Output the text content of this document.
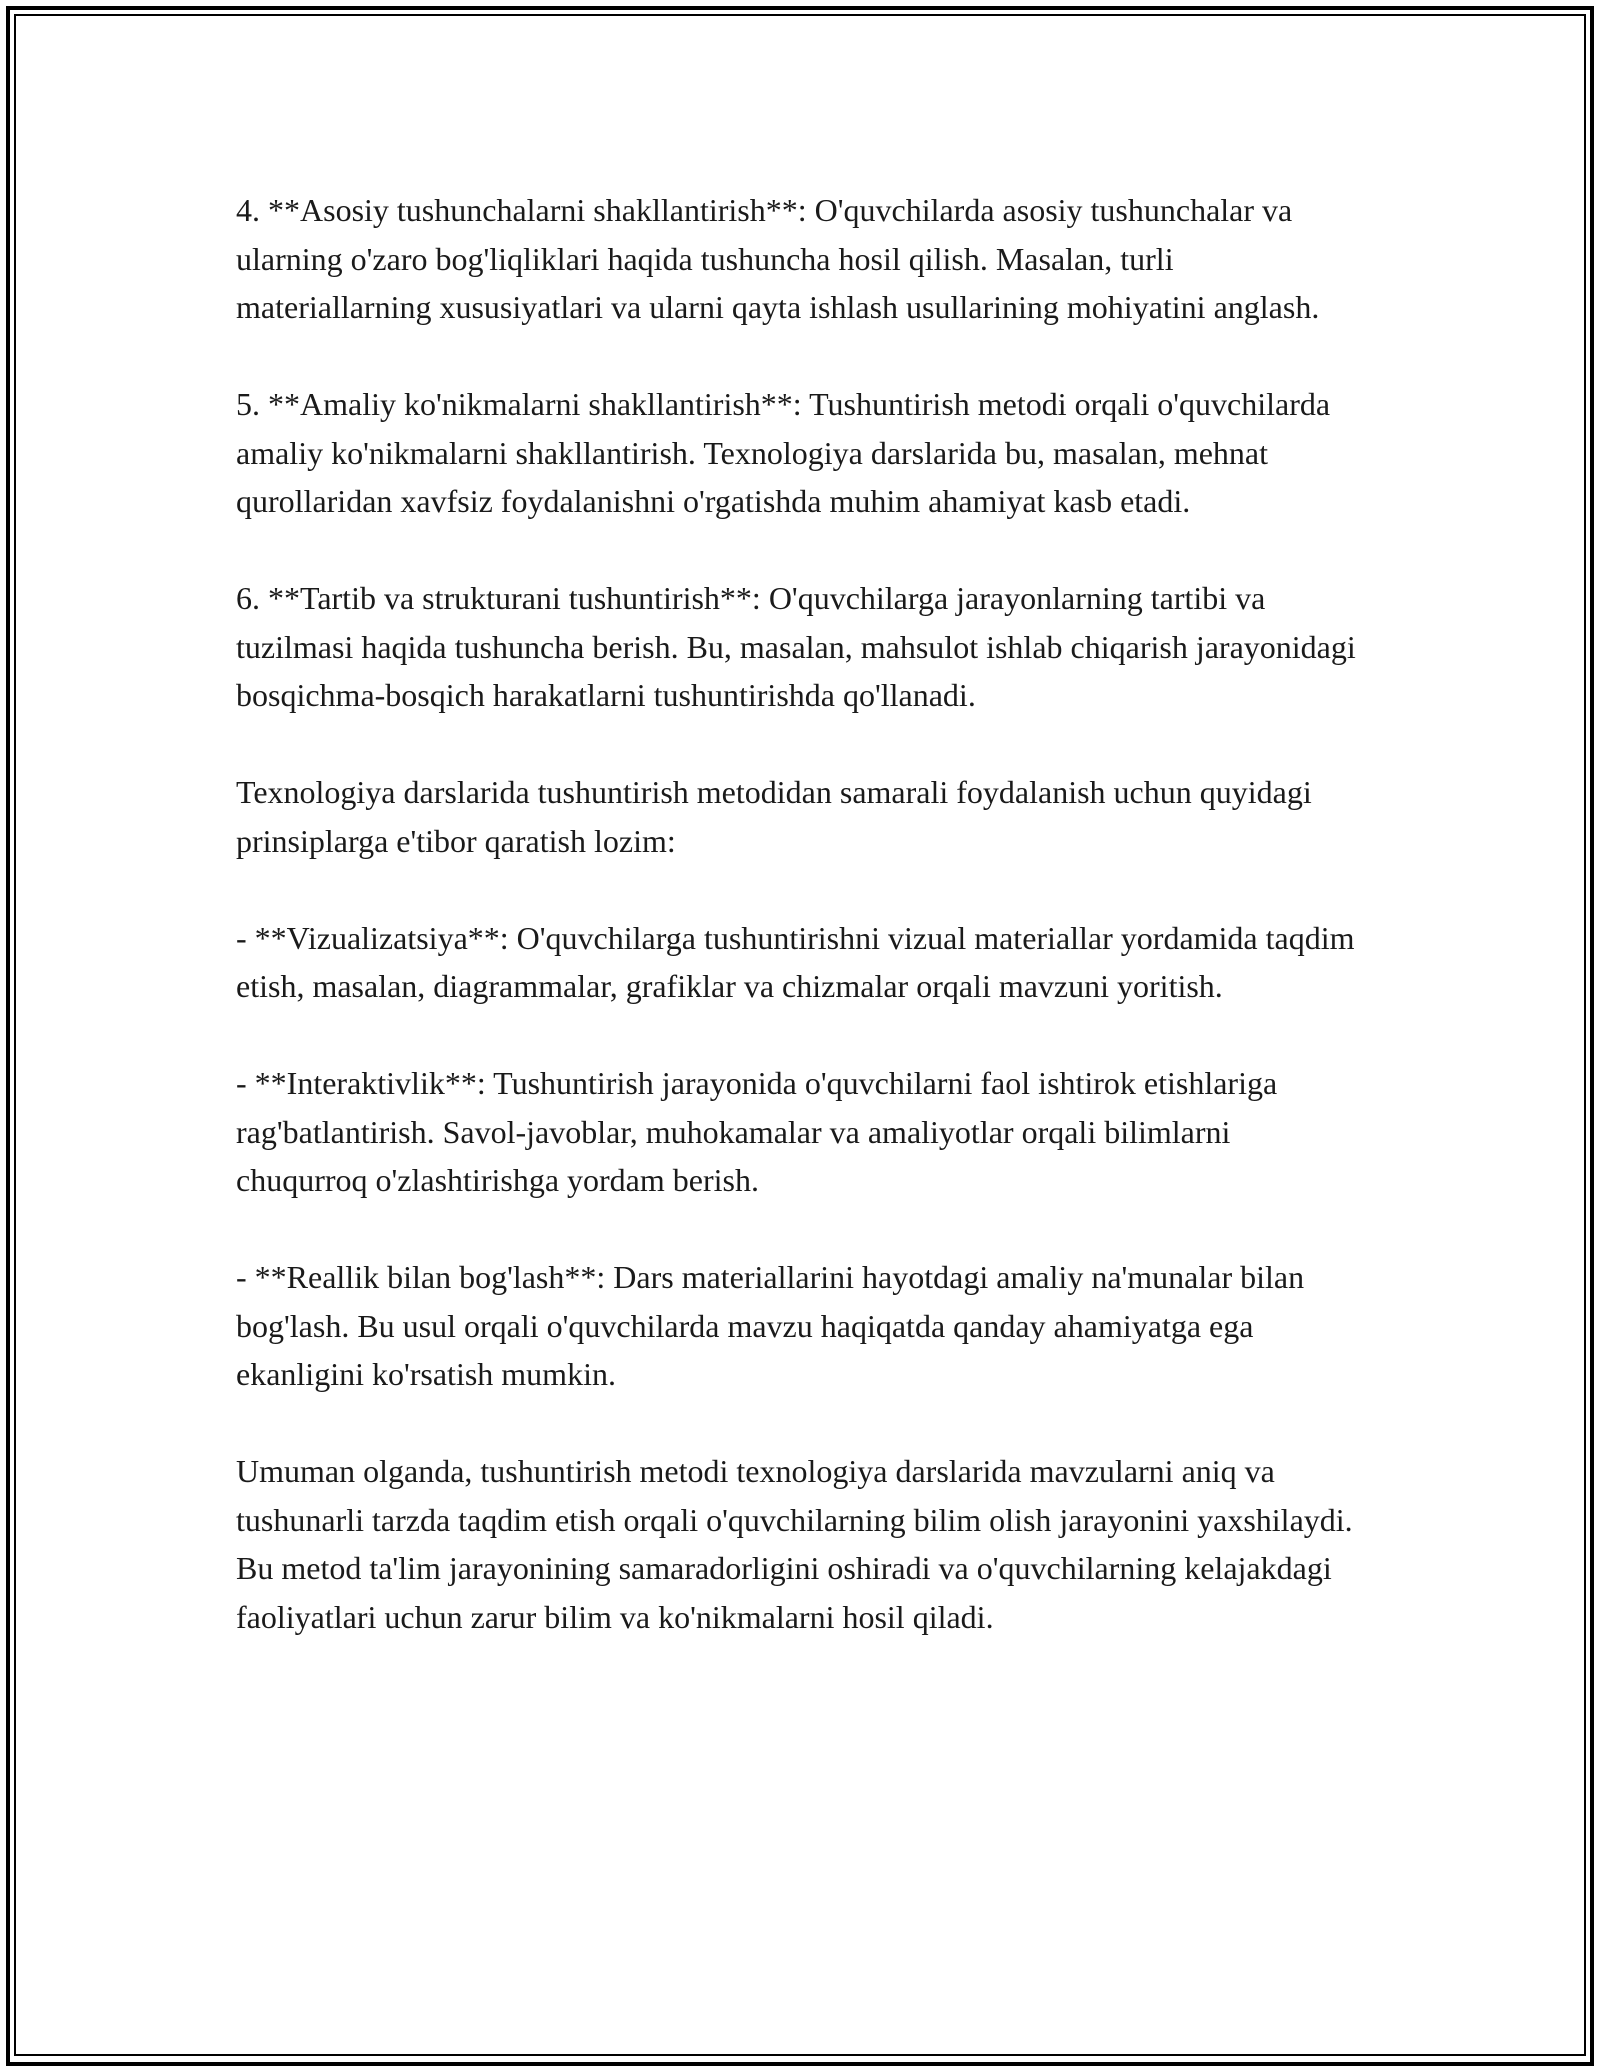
4. **Asosiy tushunchalarni shakllantirish**: O'quvchilarda asosiy tushunchalar va ularning o'zaro bog'liqliklari haqida tushuncha hosil qilish. Masalan, turli materiallarning xususiyatlari va ularni qayta ishlash usullarining mohiyatini anglash.

5. **Amaliy ko'nikmalarni shakllantirish**: Tushuntirish metodi orqali o'quvchilarda amaliy ko'nikmalarni shakllantirish. Texnologiya darslarida bu, masalan, mehnat qurollaridan xavfsiz foydalanishni o'rgatishda muhim ahamiyat kasb etadi.

6. **Tartib va strukturani tushuntirish**: O'quvchilarga jarayonlarning tartibi va tuzilmasi haqida tushuncha berish. Bu, masalan, mahsulot ishlab chiqarish jarayonidagi bosqichma-bosqich harakatlarni tushuntirishda qo'llanadi.

Texnologiya darslarida tushuntirish metodidan samarali foydalanish uchun quyidagi prinsiplarga e'tibor qaratish lozim:

- **Vizualizatsiya**: O'quvchilarga tushuntirishni vizual materiallar yordamida taqdim etish, masalan, diagrammalar, grafiklar va chizmalar orqali mavzuni yoritish.

- **Interaktivlik**: Tushuntirish jarayonida o'quvchilarni faol ishtirok etishlariga rag'batlantirish. Savol-javoblar, muhokamalar va amaliyotlar orqali bilimlarni chuqurroq o'zlashtirishga yordam berish.

- **Reallik bilan bog'lash**: Dars materiallarini hayotdagi amaliy na'munalar bilan bog'lash. Bu usul orqali o'quvchilarda mavzu haqiqatda qanday ahamiyatga ega ekanligini ko'rsatish mumkin.

Umuman olganda, tushuntirish metodi texnologiya darslarida mavzularni aniq va tushunarli tarzda taqdim etish orqali o'quvchilarning bilim olish jarayonini yaxshilaydi. Bu metod ta'lim jarayonining samaradorligini oshiradi va o'quvchilarning kelajakdagi faoliyatlari uchun zarur bilim va ko'nikmalarni hosil qiladi.
